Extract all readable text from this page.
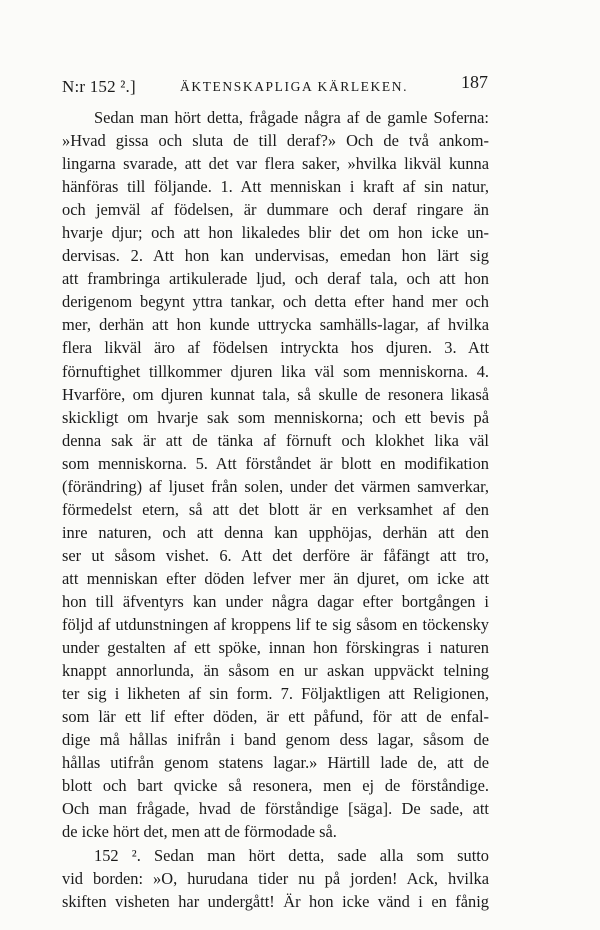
N:r 152 ².]	ÄKTENSKAPLIGA KÄRLEKEN.	187
Sedan man hört detta, frågade några af de gamle Soferna:
»Hvad gissa och sluta de till deraf?» Och de två ankom-
lingarna svarade, att det var flera saker, »hvilka likväl kunna
hänföras till följande. 1. Att menniskan i kraft af sin natur,
och jemväl af födelsen, är dummare och deraf ringare än
hvarje djur; och att hon likaledes blir det om hon icke un-
dervisas. 2. Att hon kan undervisas, emedan hon lärt sig
att frambringa artikulerade ljud, och deraf tala, och att hon
derigenom begynt yttra tankar, och detta efter hand mer och
mer, derhän att hon kunde uttrycka samhälls-lagar, af hvilka
flera likväl äro af födelsen intryckta hos djuren. 3. Att
förnuftighet tillkommer djuren lika väl som menniskorna. 4.
Hvarföre, om djuren kunnat tala, så skulle de resonera likaså
skickligt om hvarje sak som menniskorna; och ett bevis på
denna sak är att de tänka af förnuft och klokhet lika väl
som menniskorna. 5. Att förståndet är blott en modifikation
(förändring) af ljuset från solen, under det värmen samverkar,
förmedelst etern, så att det blott är en verksamhet af den
inre naturen, och att denna kan upphöjas, derhän att den
ser ut såsom vishet. 6. Att det derföre är fåfängt att tro,
att menniskan efter döden lefver mer än djuret, om icke att
hon till äfventyrs kan under några dagar efter bortgången i
följd af utdunstningen af kroppens lif te sig såsom en töckensky
under gestalten af ett spöke, innan hon förskingras i naturen
knappt annorlunda, än såsom en ur askan uppväckt telning
ter sig i likheten af sin form. 7. Följaktligen att Religionen,
som lär ett lif efter döden, är ett påfund, för att de enfal-
dige må hållas inifrån i band genom dess lagar, såsom de
hållas utifrån genom statens lagar.» Härtill lade de, att de
blott och bart qvicke så resonera, men ej de förståndige.
Och man frågade, hvad de förståndige [säga]. De sade, att
de icke hört det, men att de förmodade så.
152 ². Sedan man hört detta, sade alla som sutto
vid borden: »O, hurudana tider nu på jorden! Ack, hvilka
skiften visheten har undergått! Är hon icke vänd i en fånig
